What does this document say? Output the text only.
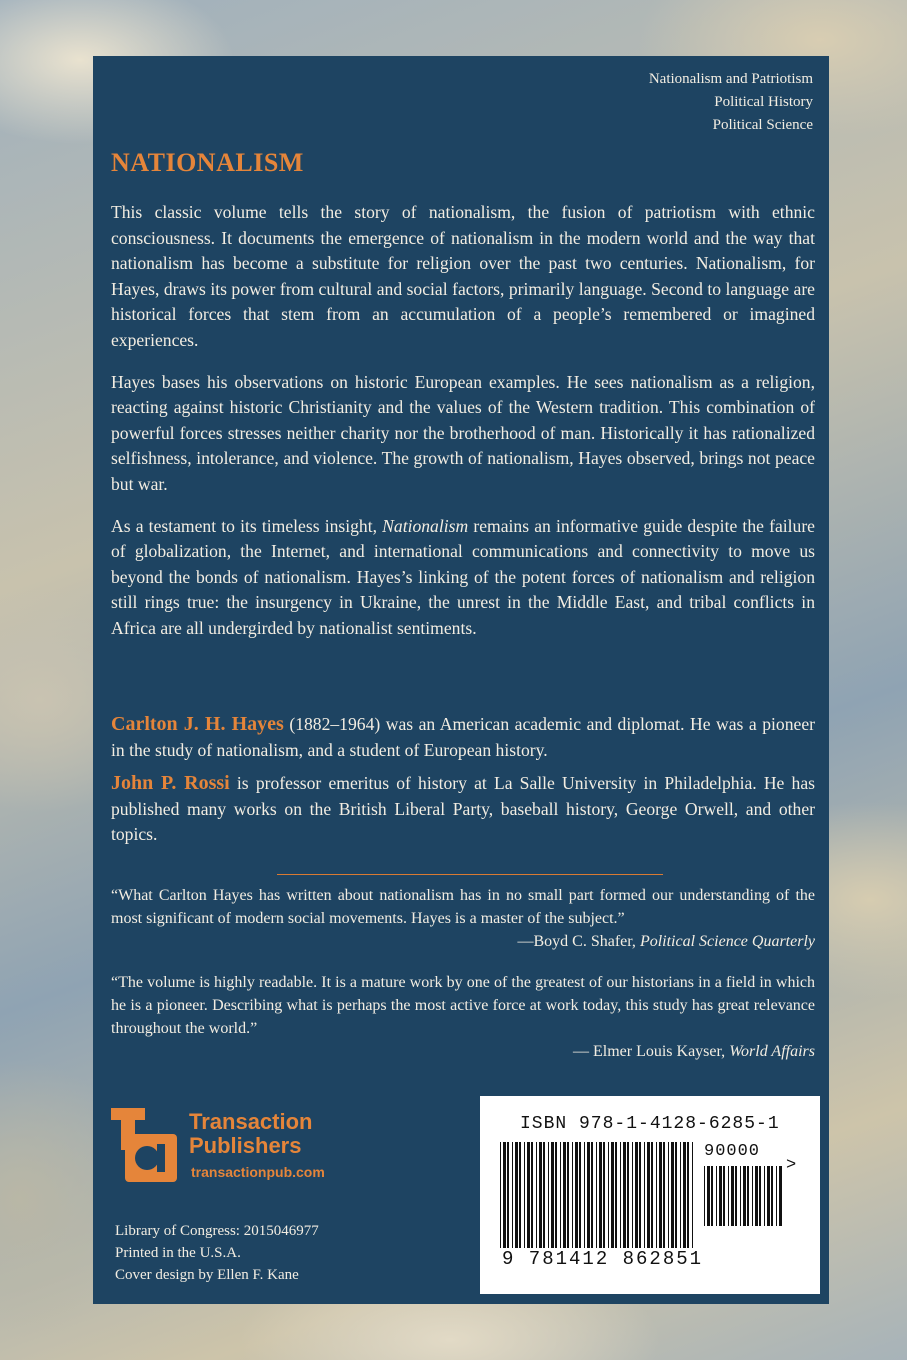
Nationalism and Patriotism
Political History
Political Science
NATIONALISM

This classic volume tells the story of nationalism, the fusion of patriotism with ethnic consciousness. It documents the emergence of nationalism in the modern world and the way that nationalism has become a substitute for religion over the past two centuries. Nationalism, for Hayes, draws its power from cultural and social factors, primarily language. Second to language are historical forces that stem from an accumulation of a people’s remembered or imagined experiences.

Hayes bases his observations on historic European examples. He sees nationalism as a religion, reacting against historic Christianity and the values of the Western tradition. This combination of powerful forces stresses neither charity nor the brotherhood of man. Historically it has rationalized selfishness, intolerance, and violence. The growth of nationalism, Hayes observed, brings not peace but war.

As a testament to its timeless insight, Nationalism remains an informative guide despite the failure of globalization, the Internet, and international communications and connectivity to move us beyond the bonds of nationalism. Hayes’s linking of the potent forces of nationalism and religion still rings true: the insurgency in Ukraine, the unrest in the Middle East, and tribal conflicts in Africa are all undergirded by nationalist sentiments.

Carlton J. H. Hayes (1882–1964) was an American academic and diplomat. He was a pioneer in the study of nationalism, and a student of European history.

John P. Rossi is professor emeritus of history at La Salle University in Philadelphia. He has published many works on the British Liberal Party, baseball history, George Orwell, and other topics.

“What Carlton Hayes has written about nationalism has in no small part formed our understanding of the most significant of modern social movements. Hayes is a master of the subject.”
—Boyd C. Shafer, Political Science Quarterly
“The volume is highly readable. It is a mature work by one of the greatest of our historians in a field in which he is a pioneer. Describing what is perhaps the most active force at work today, this study has great relevance throughout the world.”
— Elmer Louis Kayser, World Affairs
Transaction
Publishers
transactionpub.com
Library of Congress: 2015046977
Printed in the U.S.A.
Cover design by Ellen F. Kane
ISBN 978-1-4128-6285-1
90000
>
9 781412 862851
